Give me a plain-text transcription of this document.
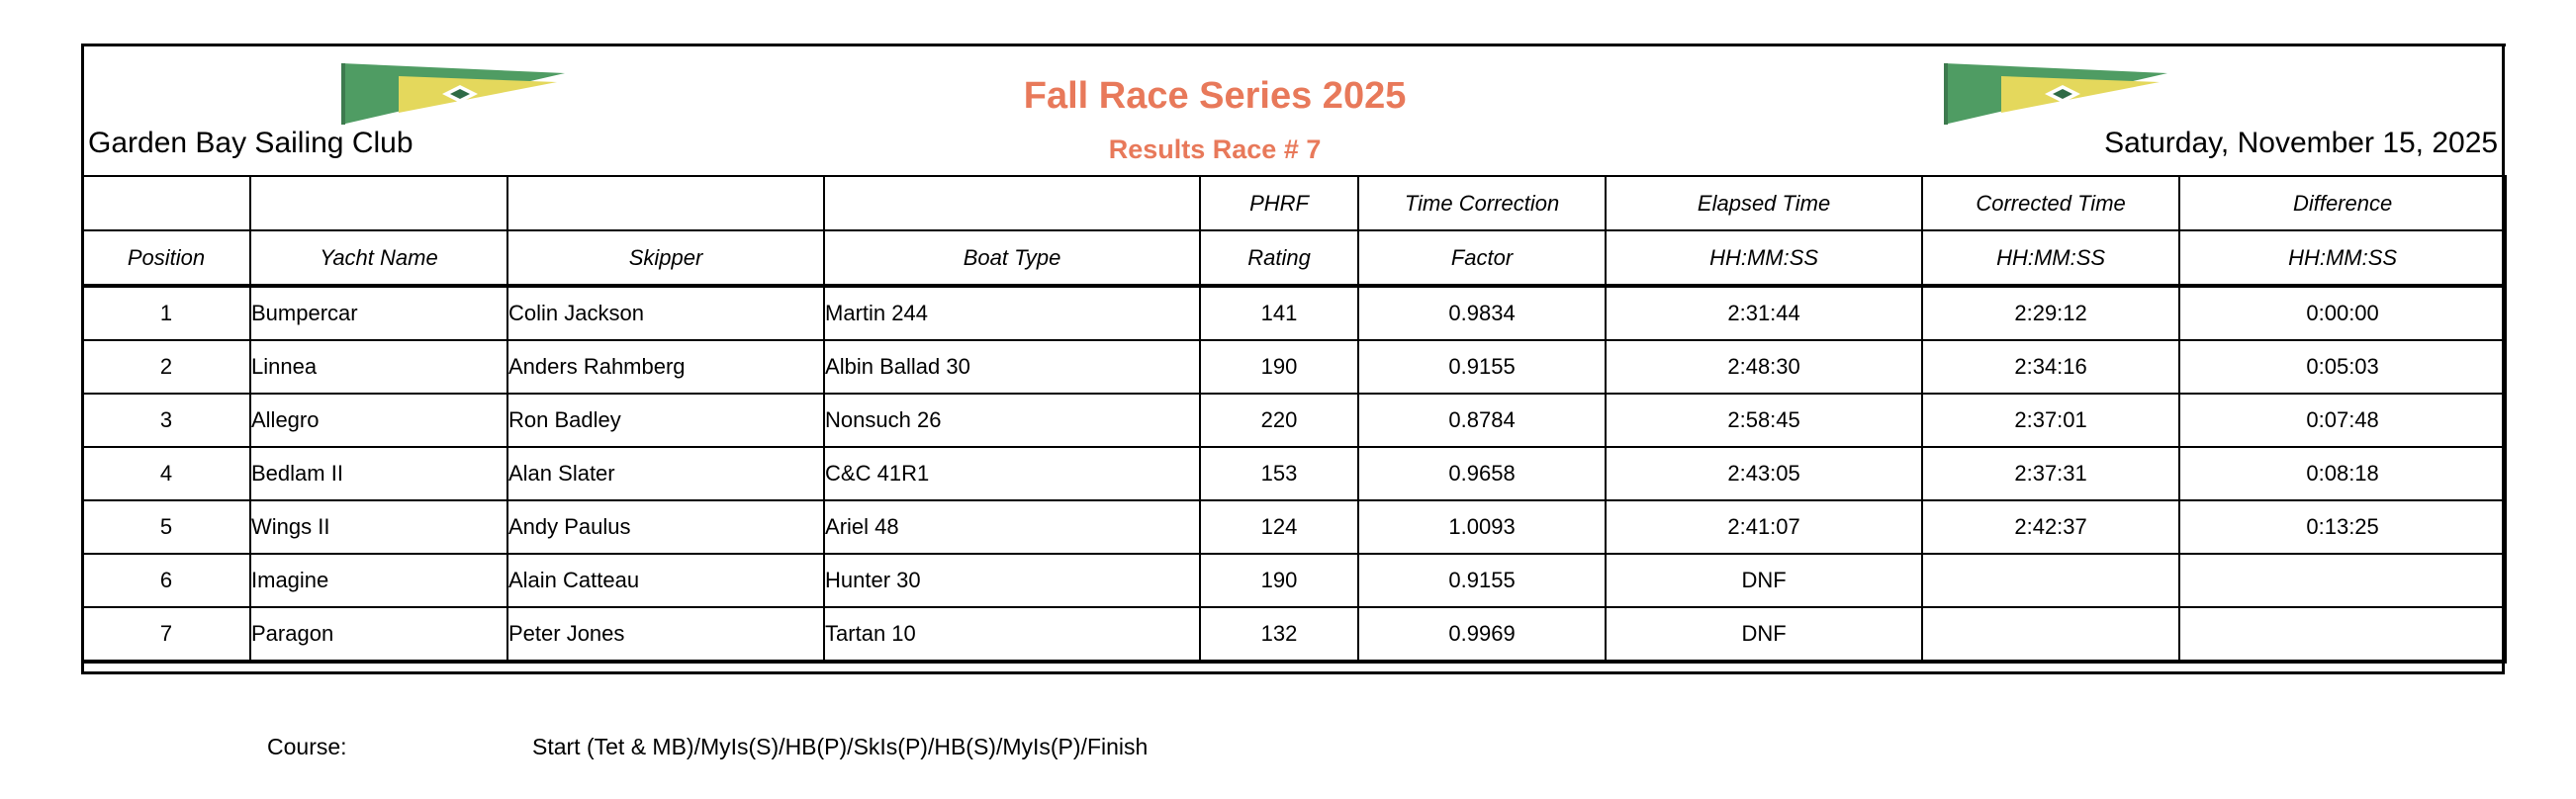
Garden Bay Sailing Club			Fall Race Series 2025
Results Race # 7			Saturday, November 15, 2025		

				PHRF	Time Correction	Elapsed Time	Corrected Time	Difference
Position	Yacht Name	Skipper	Boat Type	Rating	Factor	HH:MM:SS	HH:MM:SS	HH:MM:SS
1	Bumpercar	Colin Jackson	Martin 244	141	0.9834	2:31:44	2:29:12	0:00:00
2	Linnea	Anders Rahmberg	Albin Ballad 30	190	0.9155	2:48:30	2:34:16	0:05:03
3	Allegro	Ron Badley	Nonsuch 26	220	0.8784	2:58:45	2:37:01	0:07:48
4	Bedlam II	Alan Slater	C&C 41R1	153	0.9658	2:43:05	2:37:31	0:08:18
5	Wings II	Andy Paulus	Ariel 48	124	1.0093	2:41:07	2:42:37	0:13:25
6	Imagine	Alain Catteau	Hunter 30	190	0.9155	DNF		
7	Paragon	Peter Jones	Tartan 10	132	0.9969	DNF		
Course:	Start (Tet & MB)/MyIs(S)/HB(P)/SkIs(P)/HB(S)/MyIs(P)/Finish
